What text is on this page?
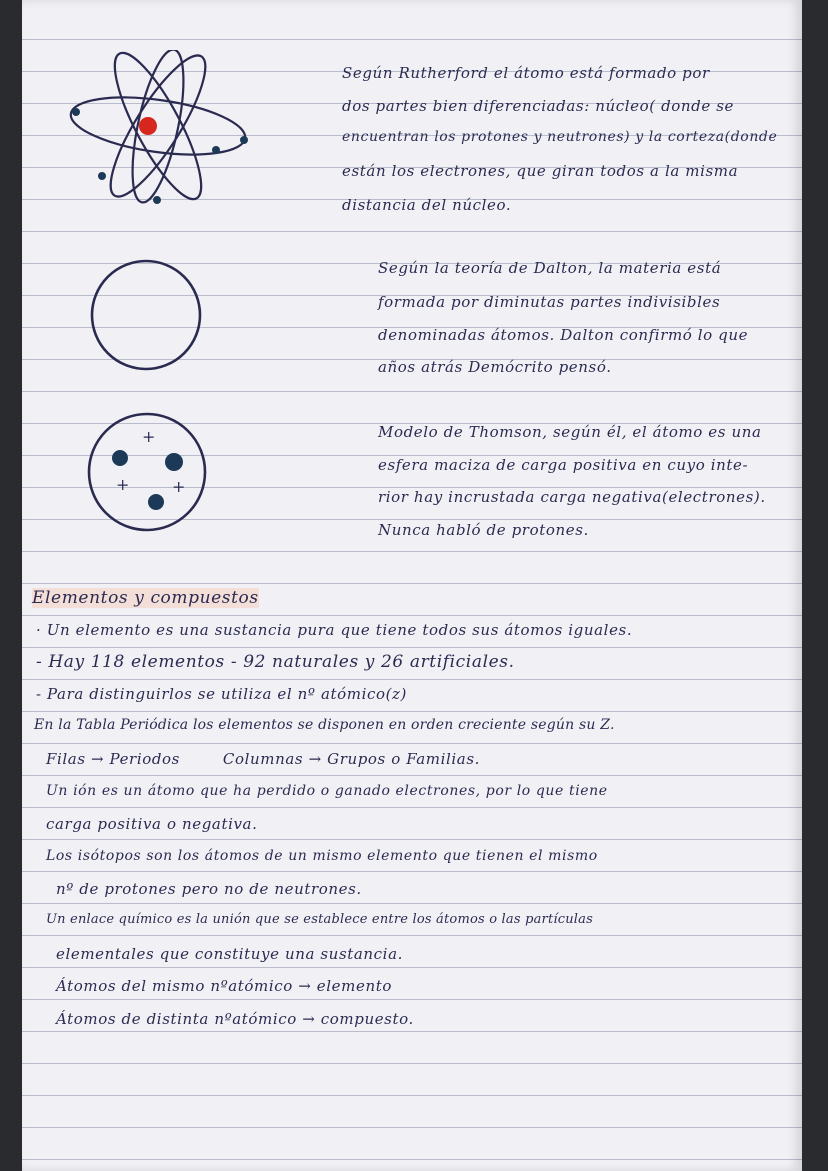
+
+	+

Según Rutherford el átomo está formado por

dos partes bien diferenciadas: núcleo( donde se

encuentran los protones y neutrones) y la corteza(donde

están los electrones, que giran todos a la misma

distancia del núcleo.

Según la teoría de Dalton, la materia está

formada por diminutas partes indivisibles

denominadas átomos. Dalton confirmó lo que

años atrás Demócrito pensó.

Modelo de Thomson, según él, el átomo es una

esfera maciza de carga positiva en cuyo inte-

rior hay incrustada carga negativa(electrones).

Nunca habló de protones.

Elementos y compuestos

· Un elemento es una sustancia pura que tiene todos sus átomos iguales.

- Hay 118 elementos - 92 naturales y 26 artificiales.

- Para distinguirlos se utiliza el nº atómico(z)

En la Tabla Periódica los elementos se disponen en orden creciente según su Z.

Filas → Periodos        Columnas → Grupos o Familias.

Un ión es un átomo que ha perdido o ganado electrones, por lo que tiene

carga positiva o negativa.

Los isótopos son los átomos de un mismo elemento que tienen el mismo

nº de protones pero no de neutrones.

Un enlace químico es la unión que se establece entre los átomos o las partículas

elementales que constituye una sustancia.

Átomos del mismo nºatómico → elemento

Átomos de distinta nºatómico → compuesto.
